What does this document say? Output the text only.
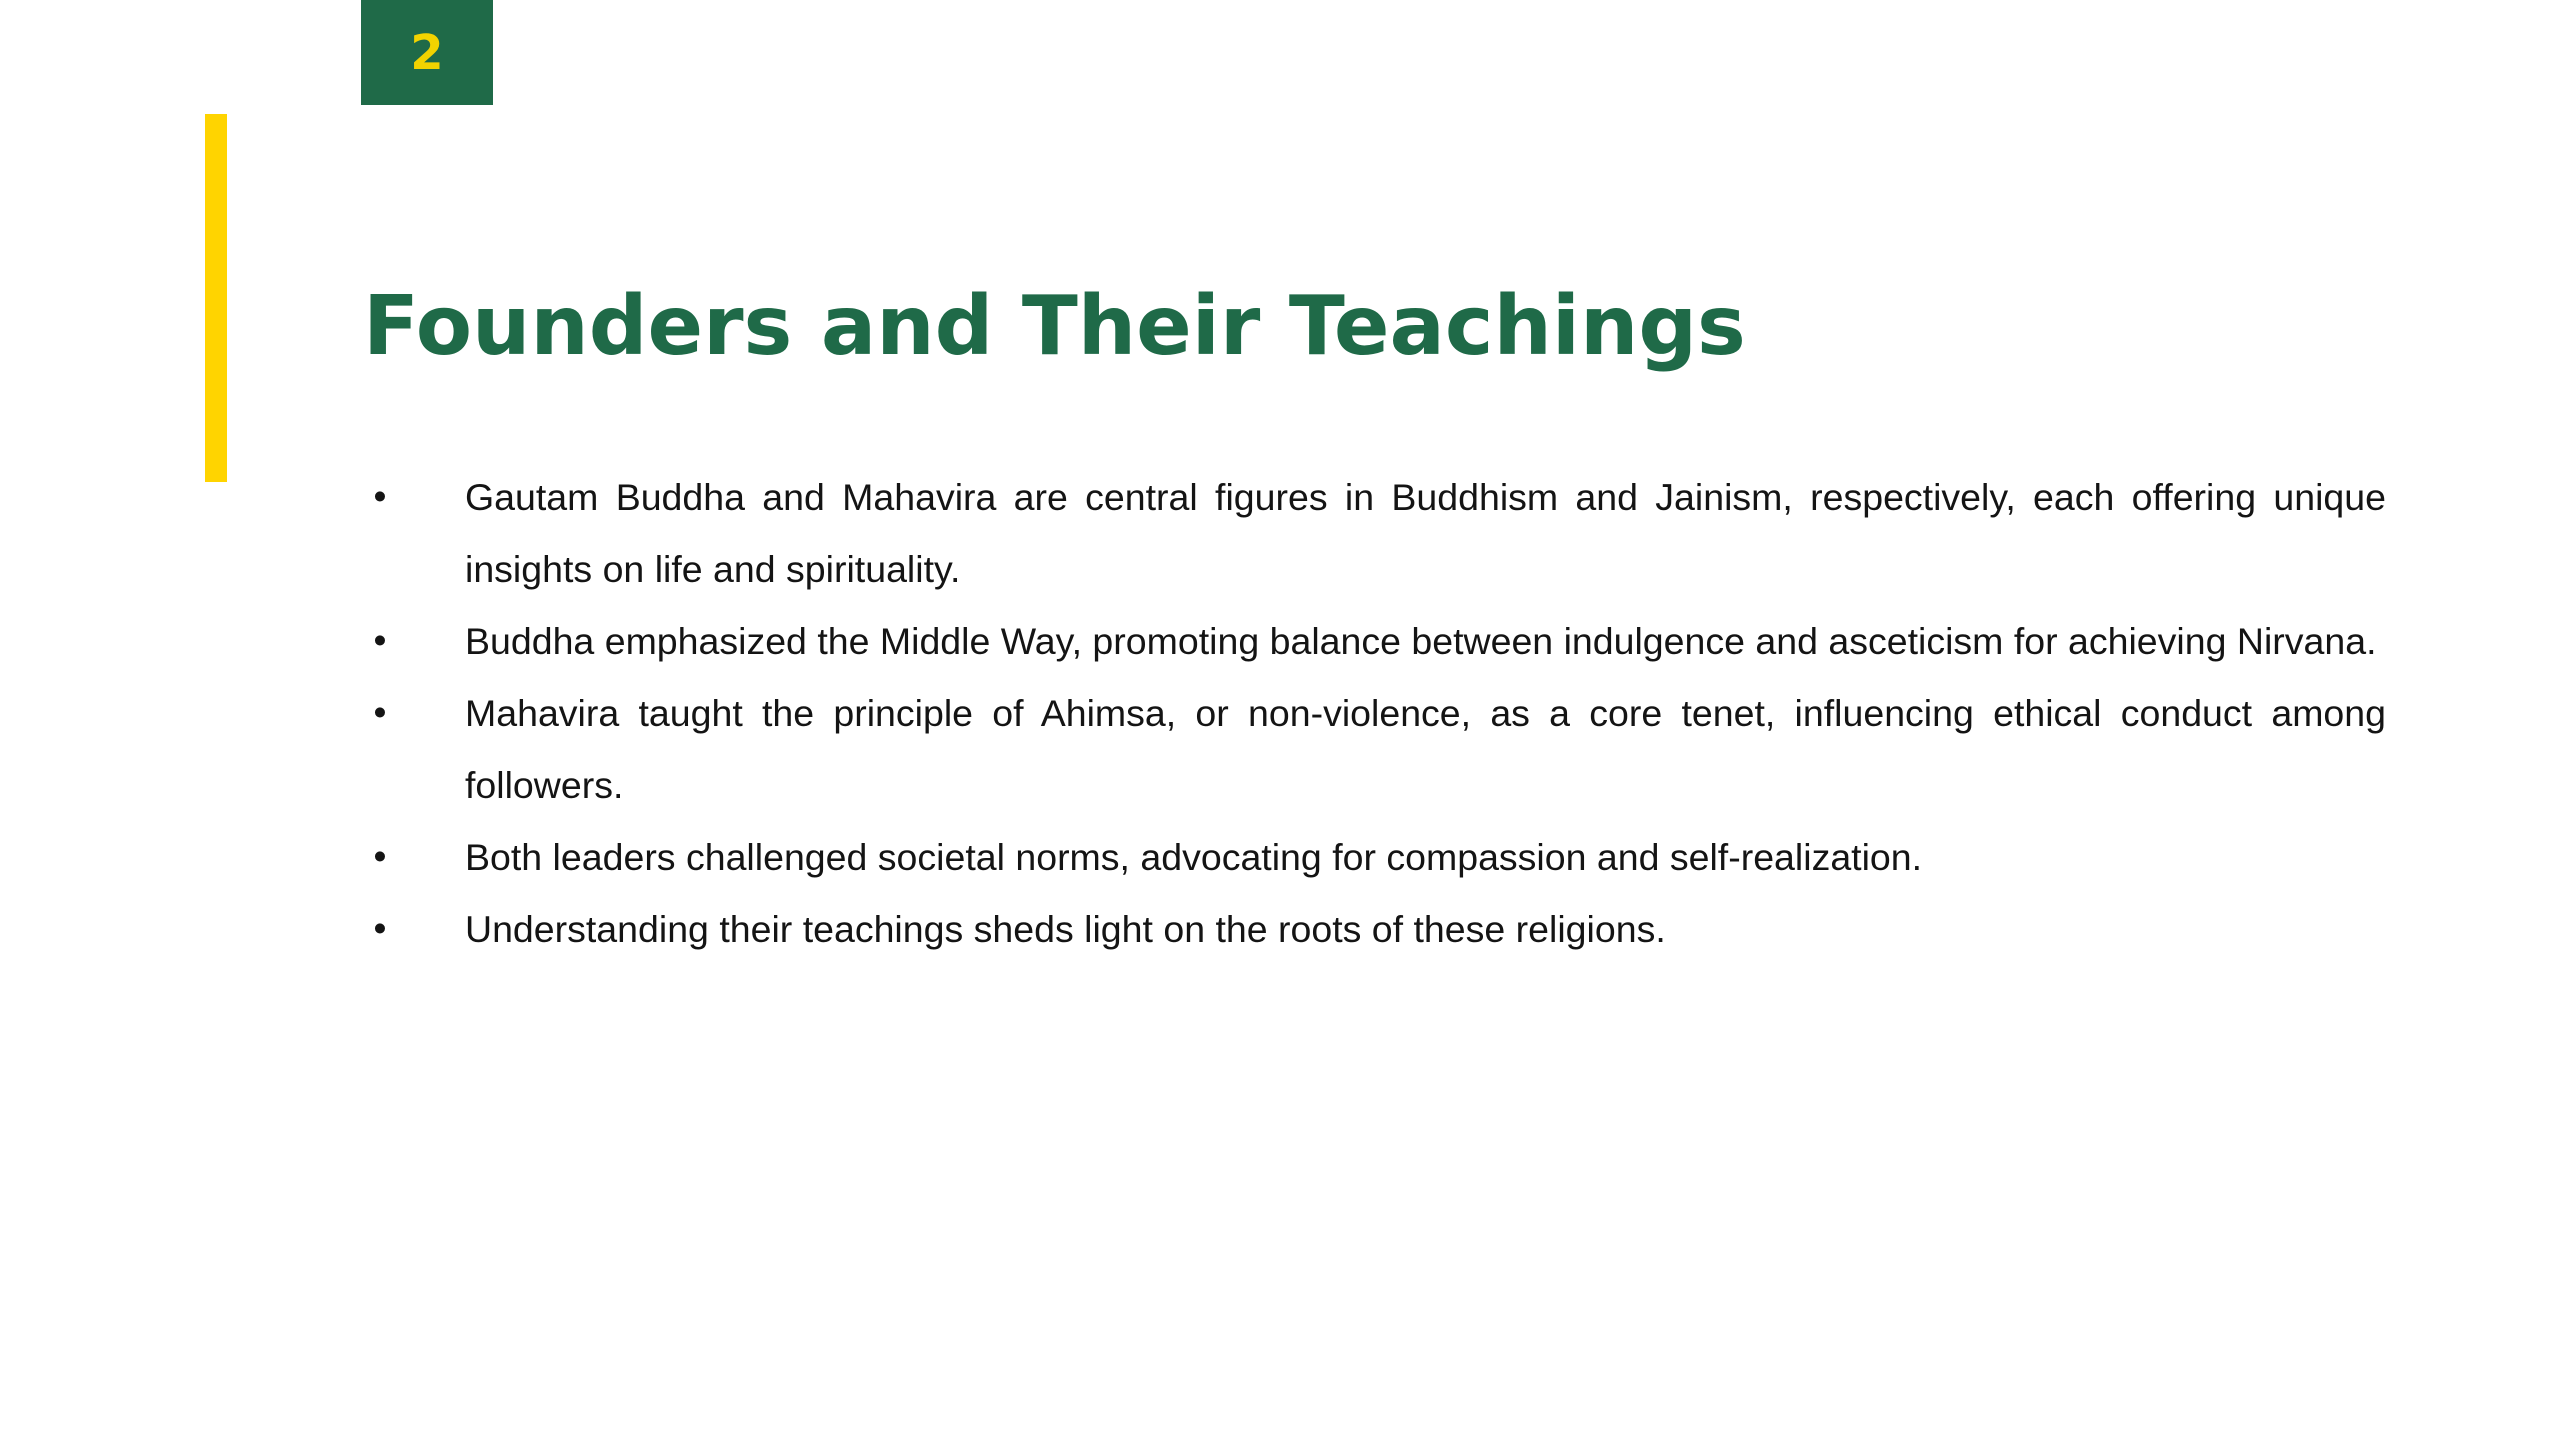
2
Founders and Their Teachings
• Gautam Buddha and Mahavira are central figures in Buddhism and Jainism, respectively, each offering unique insights on life and spirituality.
• Buddha emphasized the Middle Way, promoting balance between indulgence and asceticism for achieving Nirvana.
• Mahavira taught the principle of Ahimsa, or non-violence, as a core tenet, influencing ethical conduct among followers.
• Both leaders challenged societal norms, advocating for compassion and self-realization.
• Understanding their teachings sheds light on the roots of these religions.
